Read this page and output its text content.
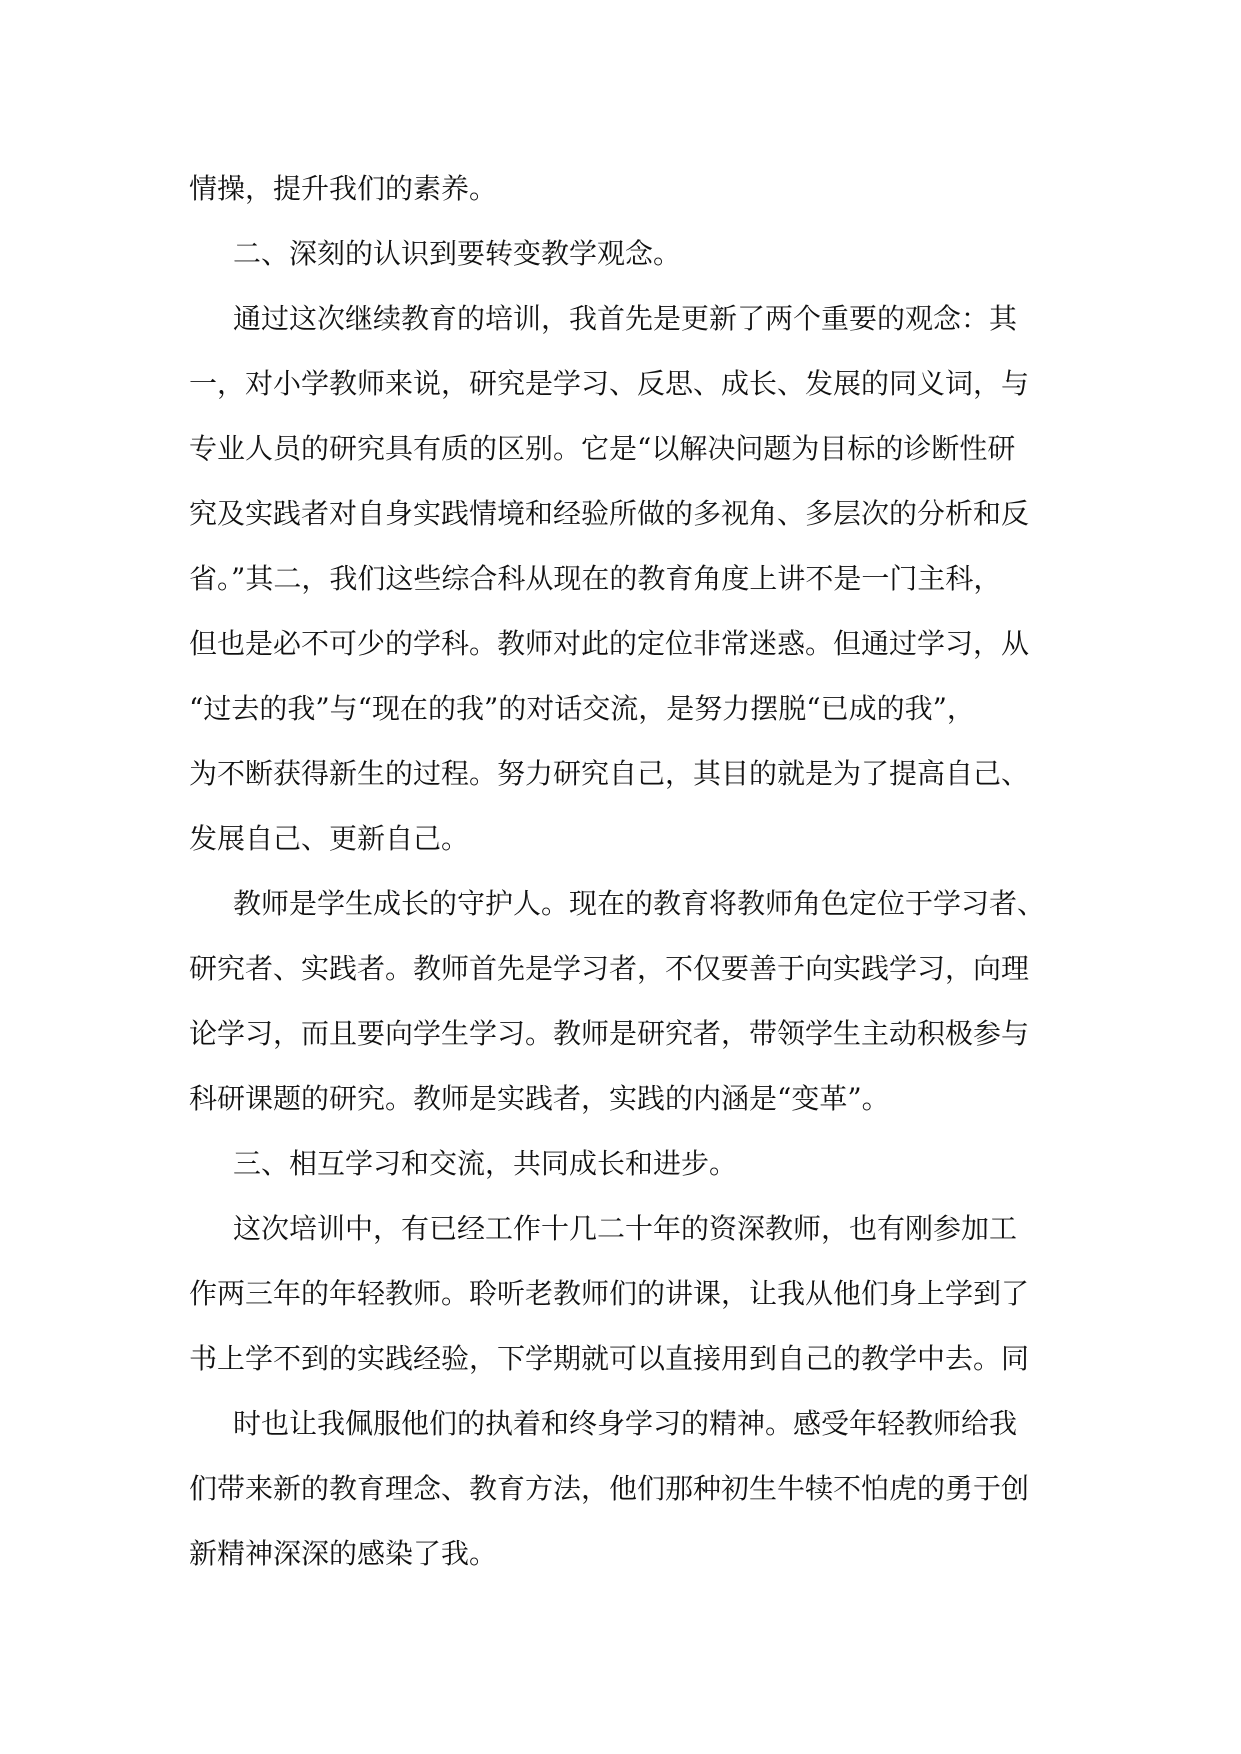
情操，提升我们的素养。
二、深刻的认识到要转变教学观念。
通过这次继续教育的培训，我首先是更新了两个重要的观念：其
一，对小学教师来说，研究是学习、反思、成长、发展的同义词，与
专业人员的研究具有质的区别。它是“以解决问题为目标的诊断性研
究及实践者对自身实践情境和经验所做的多视角、多层次的分析和反
省。”其二，我们这些综合科从现在的教育角度上讲不是一门主科，
但也是必不可少的学科。教师对此的定位非常迷惑。但通过学习，从
“过去的我”与“现在的我”的对话交流，是努力摆脱“已成的我”，
为不断获得新生的过程。努力研究自己，其目的就是为了提高自己、
发展自己、更新自己。
教师是学生成长的守护人。现在的教育将教师角色定位于学习者、
研究者、实践者。教师首先是学习者，不仅要善于向实践学习，向理
论学习，而且要向学生学习。教师是研究者，带领学生主动积极参与
科研课题的研究。教师是实践者，实践的内涵是“变革”。
三、相互学习和交流，共同成长和进步。
这次培训中，有已经工作十几二十年的资深教师，也有刚参加工
作两三年的年轻教师。聆听老教师们的讲课，让我从他们身上学到了
书上学不到的实践经验，下学期就可以直接用到自己的教学中去。同
时也让我佩服他们的执着和终身学习的精神。感受年轻教师给我
们带来新的教育理念、教育方法，他们那种初生牛犊不怕虎的勇于创
新精神深深的感染了我。
